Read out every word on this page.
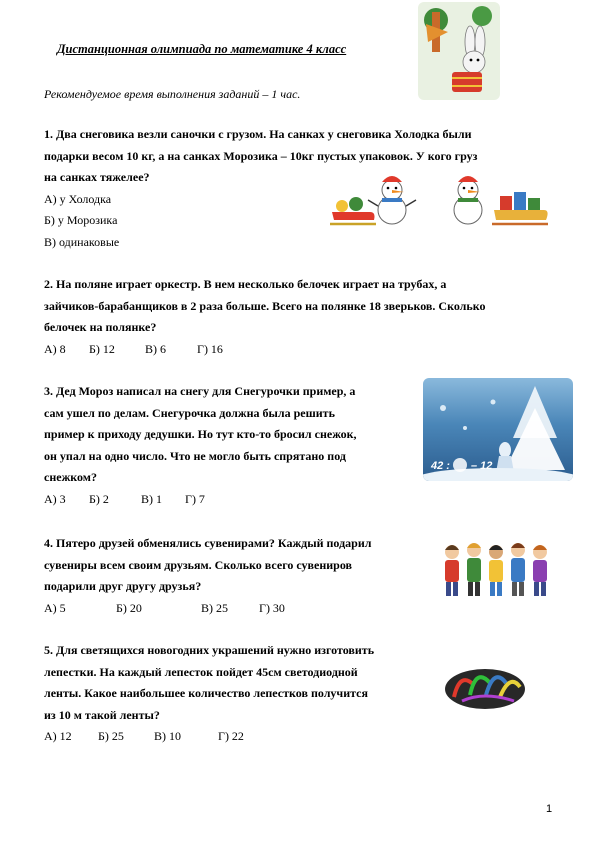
Дистанционная олимпиада по математике 4 класс
Рекомендуемое время выполнения заданий – 1 час.
1. Два снеговика везли саночки с грузом. На санках у снеговика Холодка были
подарки весом 10 кг, а на санках Морозика – 10кг пустых упаковок. У кого груз
на санках тяжелее?
А) у Холодка
Б) у Морозика
В) одинаковые
2. На поляне играет оркестр. В нем несколько белочек играет на трубах, а
зайчиков-барабанщиков в 2 раза больше. Всего на полянке 18 зверьков. Сколько
белочек на полянке?
А) 8	Б) 12	В) 6	Г) 16
3. Дед Мороз написал на снегу для Снегурочки пример, а
сам ушел по делам. Снегурочка должна была решить
пример к приходу дедушки. Но тут кто-то бросил снежок,
он упал на одно число. Что не могло быть спрятано под
снежком?
А) 3	Б) 2	В) 1	Г) 7
42 : – 12
4. Пятеро друзей обменялись сувенирами? Каждый подарил
сувениры всем своим друзьям. Сколько всего сувениров
подарили друг другу друзья?
А) 5	Б) 20	В) 25	Г) 30
5. Для светящихся новогодних украшений нужно изготовить
лепестки. На каждый лепесток пойдет 45см светодиодной
ленты. Какое наибольшее количество лепестков получится
из 10 м такой ленты?
А) 12	Б) 25	В) 10	Г) 22
1
